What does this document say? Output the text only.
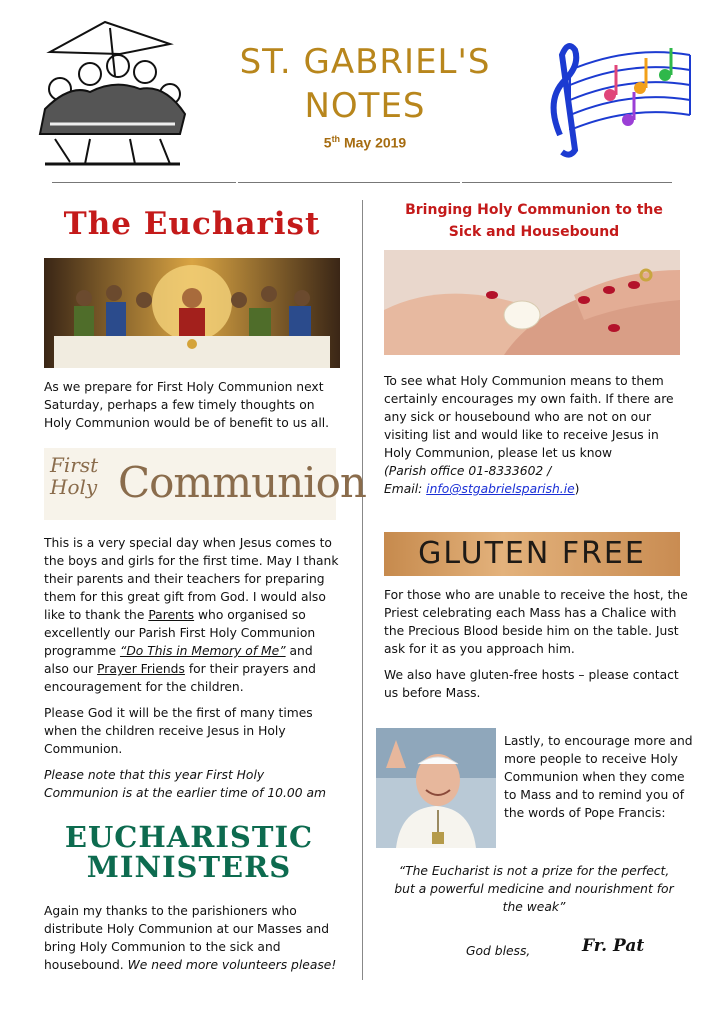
ST. GABRIEL'S
NOTES
5th May 2019
The Eucharist
As we prepare for First Holy Communion next Saturday, perhaps a few timely thoughts on Holy Communion would be of benefit to us all.
First
Holy Communion

This is a very special day when Jesus comes to the boys and girls for the first time. May I thank their parents and their teachers for preparing them for this great gift from God. I would also like to thank the Parents who organised so excellently our Parish First Holy Communion programme “Do This in Memory of Me” and also our Prayer Friends for their prayers and encouragement for the children.

Please God it will be the first of many times when the children receive Jesus in Holy Communion.

Please note that this year First Holy Communion is at the earlier time of 10.00 am

EUCHARISTIC
MINISTERS
Again my thanks to the parishioners who distribute Holy Communion at our Masses and bring Holy Communion to the sick and housebound. We need more volunteers please!
Bringing Holy Communion to the
Sick and Housebound

To see what Holy Communion means to them certainly encourages my own faith. If there are any sick or housebound who are not on our visiting list and would like to receive Jesus in Holy Communion, please let us know

(Parish office 01-8333602 /
Email: info@stgabrielsparish.ie)
GLUTEN FREE

For those who are unable to receive the host, the Priest celebrating each Mass has a Chalice with the Precious Blood beside him on the table. Just ask for it as you approach him.

We also have gluten-free hosts – please contact us before Mass.

Lastly, to encourage more and more people to receive Holy Communion when they come to Mass and to remind you of the words of Pope Francis:
“The Eucharist is not a prize for the perfect, but a powerful medicine and nourishment for the weak”
God bless,	Fr. Pat
